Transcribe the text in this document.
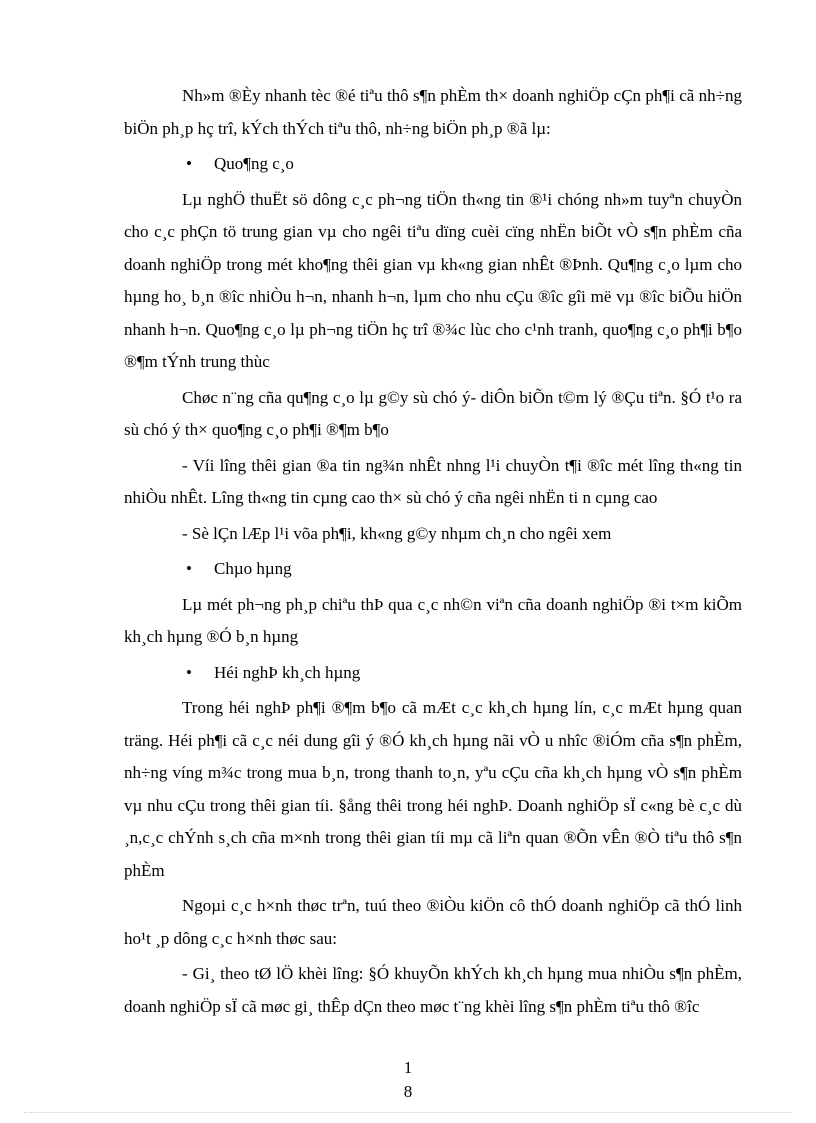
Nh»m ®Èy nhanh tèc ®é tiªu thô s¶n phÈm th× doanh nghiÖp cÇn ph¶i cã nh÷ng biÖn ph¸p hç trî, kÝch thÝch tiªu thô, nh÷ng biÖn ph¸p ®ã lµ:

•	Quo¶ng c¸o

Lµ nghÖ thuËt sö dông c¸c ph¬ng tiÖn th«ng tin ®¹i chóng nh»m tuyªn chuyÒn cho c¸c phÇn tö trung gian vµ cho ngêi tiªu dïng cuèi cïng nhËn biÕt vÒ s¶n phÈm cña doanh nghiÖp trong mét kho¶ng thêi gian vµ kh«ng gian nhÊt ®Þnh. Qu¶ng c¸o lµm cho hµng ho¸ b¸n ®îc nhiÒu h¬n, nhanh h¬n, lµm cho nhu cÇu ®îc gîi më vµ ®îc biÕu hiÖn nhanh h¬n. Quo¶ng c¸o lµ ph¬ng tiÖn hç trî ®¾c lùc cho c¹nh tranh, quo¶ng c¸o ph¶i b¶o ®¶m tÝnh trung thùc

Chøc n¨ng cña qu¶ng c¸o lµ g©y sù chó ý- diÔn biÕn t©m lý ®Çu tiªn. §Ó t¹o ra sù chó ý th× quo¶ng c¸o ph¶i ®¶m b¶o

- Víi lîng thêi gian ®a tin ng¾n nhÊt nhng l¹i chuyÒn t¶i ®îc mét lîng th«ng tin nhiÒu nhÊt. Lîng th«ng tin cµng cao th× sù chó ý cña ngêi nhËn ti n cµng cao

- Sè lÇn lÆp l¹i võa ph¶i, kh«ng g©y nhµm ch¸n cho ngêi xem

•	Chµo hµng

Lµ mét ph¬ng ph¸p chiªu thÞ qua c¸c nh©n viªn cña doanh nghiÖp ®i t×m kiÕm kh¸ch hµng ®Ó b¸n hµng

•	Héi nghÞ kh¸ch hµng

Trong héi nghÞ ph¶i ®¶m b¶o cã mÆt c¸c kh¸ch hµng lín, c¸c mÆt hµng quan träng. Héi ph¶i cã c¸c néi dung gîi ý ®Ó kh¸ch hµng nãi vÒ u nhîc ®iÓm cña s¶n phÈm, nh÷ng víng m¾c trong mua b¸n, trong thanh to¸n, yªu cÇu cña kh¸ch hµng vÒ s¶n phÈm vµ nhu cÇu trong thêi gian tíi. §ång thêi trong héi nghÞ. Doanh nghiÖp sÏ c«ng bè c¸c dù ¸n,c¸c chÝnh s¸ch cña m×nh trong thêi gian tíi mµ cã liªn quan ®Õn vÊn ®Ò tiªu thô s¶n phÈm

Ngoµi c¸c h×nh thøc trªn, tuú theo ®iÒu kiÖn cô thÓ doanh nghiÖp cã thÓ linh ho¹t ¸p dông c¸c h×nh thøc sau:

- Gi¸ theo tØ lÖ khèi lîng: §Ó khuyÕn khÝch kh¸ch hµng mua nhiÒu s¶n phÈm, doanh nghiÖp sÏ cã møc gi¸ thÊp dÇn theo møc t¨ng khèi lîng s¶n phÈm tiªu thô ®îc

1
8
